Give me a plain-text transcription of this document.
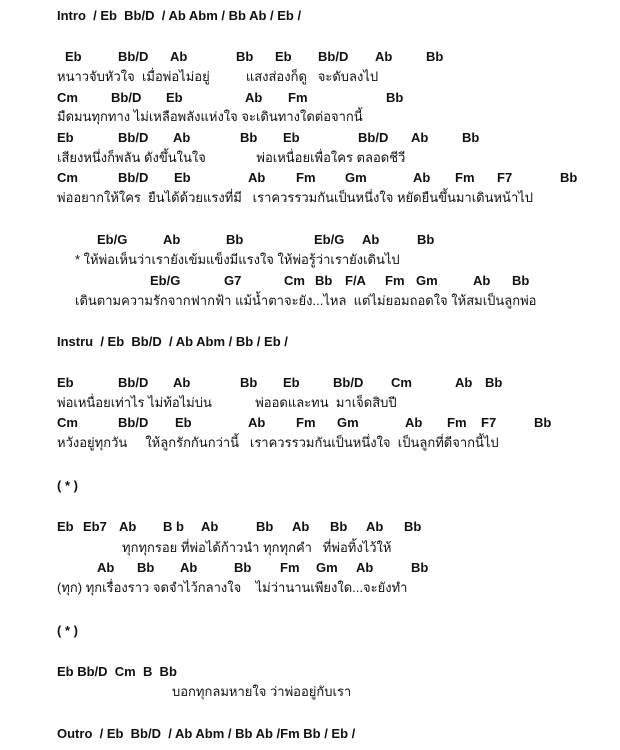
Intro  / Eb  Bb/D  / Ab Abm / Bb Ab / Eb /
Eb	Bb/D Ab	Bb Eb Bb/D Ab	Bb
หนาวจับหัวใจ  เมื่อพ่อไม่อยู่          แสงส่องก็ดู   จะดับลงไป
Cm	Bb/D Eb	Ab Fm	Bb
มืดมนทุกทาง ไม่เหลือพลังแห่งใจ จะเดินทางใดต่อจากนี้
Eb	Bb/D Ab	Bb Eb	Bb/D Ab	Bb
เสียงหนึ่งก็พลัน ดังขึ้นในใจ              พ่อเหนื่อยเพื่อใคร ตลอดชีวี
Cm	Bb/D Eb	Ab Fm Gm	Ab Fm F7	Bb
พ่ออยากให้ใคร  ยืนได้ด้วยแรงที่มี   เราควรรวมกันเป็นหนึ่งใจ หยัดยืนขึ้นมาเดินหน้าไป
Eb/G	Ab	Bb	Eb/G Ab	Bb
* ให้พ่อเห็นว่าเรายังเข้มแข็งมีแรงใจ ให้พ่อรู้ว่าเรายังเดินไป
Eb/G	G7	Cm Bb F/A Fm Gm	Ab Bb
เดินตามความรักจากฟากฟ้า แม้น้ำตาจะยัง...ไหล  แต่ไม่ยอมถอดใจ ให้สมเป็นลูกพ่อ
Instru  / Eb  Bb/D  / Ab Abm / Bb / Eb /
Eb	Bb/D Ab	Bb Eb	Bb/D Cm	Ab Bb
พ่อเหนื่อยเท่าไร ไม่ท้อไม่บ่น            พ่ออดและทน  มาเจ็ดสิบปี
Cm	Bb/D Eb	Ab Fm Gm	Ab Fm F7	Bb
หวังอยู่ทุกวัน     ให้ลูกรักกันกว่านี้   เราควรรวมกันเป็นหนึ่งใจ  เป็นลูกที่ดีจากนี้ไป
( * )
Eb Eb7 Ab B b Ab	Bb Ab Bb Ab Bb
ทุกทุกรอย ที่พ่อได้ก้าวนำ ทุกทุกคำ   ที่พ่อทิ้งไว้ให้
Ab Bb Ab	Bb Fm Gm Ab	Bb
(ทุก) ทุกเรื่องราว จดจำไว้กลางใจ    ไม่ว่านานเพียงใด...จะยังทำ
( * )
Eb Bb/D  Cm  B  Bb
บอกทุกลมหายใจ ว่าพ่ออยู่กับเรา
Outro  / Eb  Bb/D  / Ab Abm / Bb Ab /Fm Bb / Eb /
